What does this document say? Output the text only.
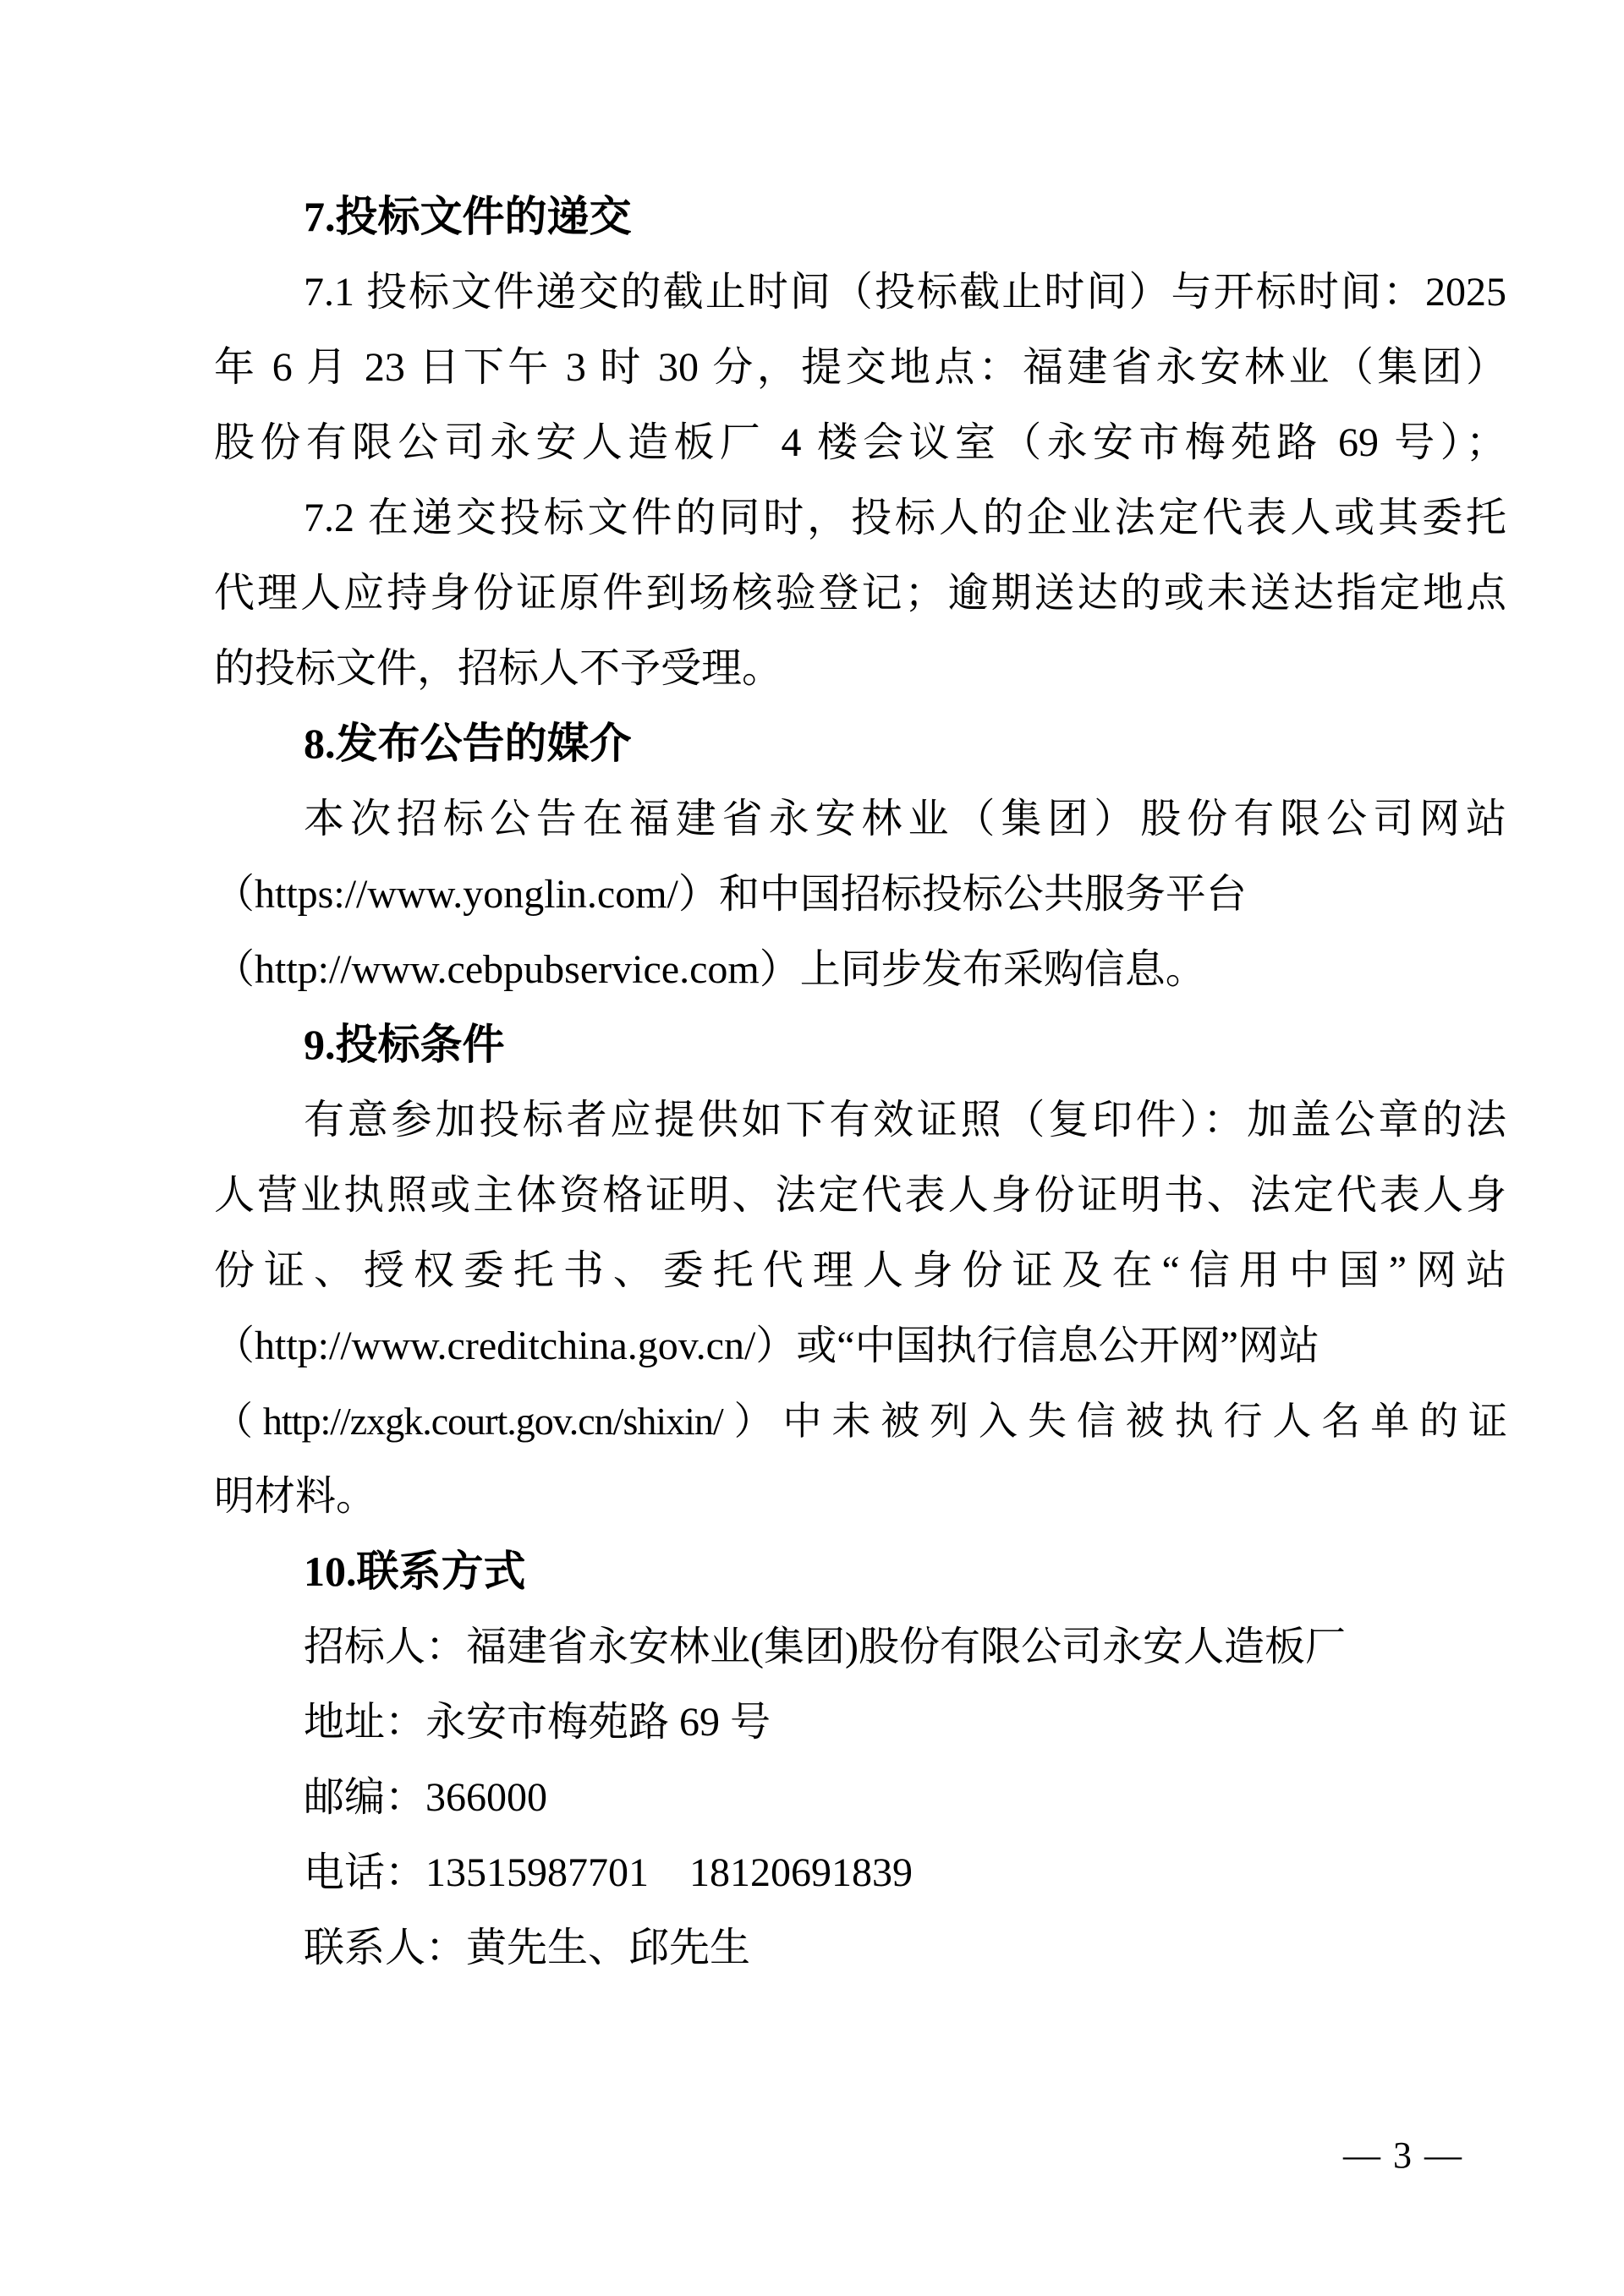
7.投标文件的递交
7.1 投标文件递交的截止时间（投标截止时间）与开标时间：2025
年 6 月 23 日下午 3 时 30 分，提交地点：福建省永安林业（集团）
股份有限公司永安人造板厂 4 楼会议室（永安市梅苑路 69 号）；
7.2 在递交投标文件的同时，投标人的企业法定代表人或其委托
代理人应持身份证原件到场核验登记；逾期送达的或未送达指定地点
的投标文件，招标人不予受理。
8.发布公告的媒介
本次招标公告在福建省永安林业（集团）股份有限公司网站
（https://www.yonglin.com/）和中国招标投标公共服务平台
（http://www.cebpubservice.com）上同步发布采购信息。
9.投标条件
有意参加投标者应提供如下有效证照（复印件）：加盖公章的法
人营业执照或主体资格证明、法定代表人身份证明书、法定代表人身
份证、授权委托书、委托代理人身份证及在“信用中国”网站
（http://www.creditchina.gov.cn/）或“中国执行信息公开网”网站
（http://zxgk.court.gov.cn/shixin/）中未被列入失信被执行人名单的证
明材料。
10.联系方式
招标人：福建省永安林业(集团)股份有限公司永安人造板厂
地址：永安市梅苑路 69 号
邮编：366000
电话：13515987701　18120691839
联系人：黄先生、邱先生
— 3 —
